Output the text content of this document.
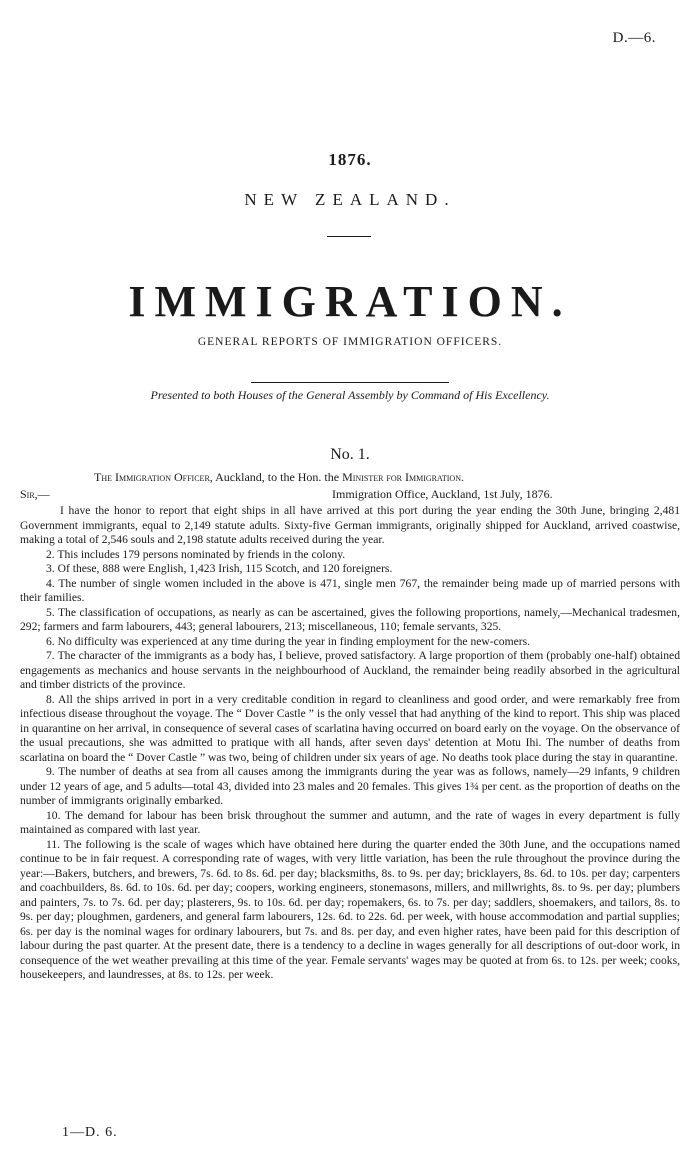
D.—6.
1876.
NEW ZEALAND.
IMMIGRATION.
GENERAL REPORTS OF IMMIGRATION OFFICERS.
Presented to both Houses of the General Assembly by Command of His Excellency.
No. 1.
The Immigration Officer, Auckland, to the Hon. the Minister for Immigration.
Sir,—	Immigration Office, Auckland, 1st July, 1876.

I have the honor to report that eight ships in all have arrived at this port during the year ending the 30th June, bringing 2,481 Government immigrants, equal to 2,149 statute adults. Sixty-five German immigrants, originally shipped for Auckland, arrived coastwise, making a total of 2,546 souls and 2,198 statute adults received during the year.

2. This includes 179 persons nominated by friends in the colony.

3. Of these, 888 were English, 1,423 Irish, 115 Scotch, and 120 foreigners.

4. The number of single women included in the above is 471, single men 767, the remainder being made up of married persons with their families.

5. The classification of occupations, as nearly as can be ascertained, gives the following proportions, namely,—Mechanical tradesmen, 292; farmers and farm labourers, 443; general labourers, 213; miscellaneous, 110; female servants, 325.

6. No difficulty was experienced at any time during the year in finding employment for the new-comers.

7. The character of the immigrants as a body has, I believe, proved satisfactory. A large proportion of them (probably one-half) obtained engagements as mechanics and house servants in the neighbourhood of Auckland, the remainder being readily absorbed in the agricultural and timber districts of the province.

8. All the ships arrived in port in a very creditable condition in regard to cleanliness and good order, and were remarkably free from infectious disease throughout the voyage. The “ Dover Castle ” is the only vessel that had anything of the kind to report. This ship was placed in quarantine on her arrival, in consequence of several cases of scarlatina having occurred on board early on the voyage. On the observance of the usual precautions, she was admitted to pratique with all hands, after seven days' detention at Motu Ihi. The number of deaths from scarlatina on board the “ Dover Castle ” was two, being of children under six years of age. No deaths took place during the stay in quarantine.

9. The number of deaths at sea from all causes among the immigrants during the year was as follows, namely—29 infants, 9 children under 12 years of age, and 5 adults—total 43, divided into 23 males and 20 females. This gives 1¾ per cent. as the proportion of deaths on the number of immigrants originally embarked.

10. The demand for labour has been brisk throughout the summer and autumn, and the rate of wages in every department is fully maintained as compared with last year.

11. The following is the scale of wages which have obtained here during the quarter ended the 30th June, and the occupations named continue to be in fair request. A corresponding rate of wages, with very little variation, has been the rule throughout the province during the year:—Bakers, butchers, and brewers, 7s. 6d. to 8s. 6d. per day; blacksmiths, 8s. to 9s. per day; bricklayers, 8s. 6d. to 10s. per day; carpenters and coachbuilders, 8s. 6d. to 10s. 6d. per day; coopers, working engineers, stonemasons, millers, and millwrights, 8s. to 9s. per day; plumbers and painters, 7s. to 7s. 6d. per day; plasterers, 9s. to 10s. 6d. per day; ropemakers, 6s. to 7s. per day; saddlers, shoemakers, and tailors, 8s. to 9s. per day; ploughmen, gardeners, and general farm labourers, 12s. 6d. to 22s. 6d. per week, with house accommodation and partial supplies; 6s. per day is the nominal wages for ordinary labourers, but 7s. and 8s. per day, and even higher rates, have been paid for this description of labour during the past quarter. At the present date, there is a tendency to a decline in wages generally for all descriptions of out-door work, in consequence of the wet weather prevailing at this time of the year. Female servants' wages may be quoted at from 6s. to 12s. per week; cooks, housekeepers, and laundresses, at 8s. to 12s. per week.

1—D. 6.
